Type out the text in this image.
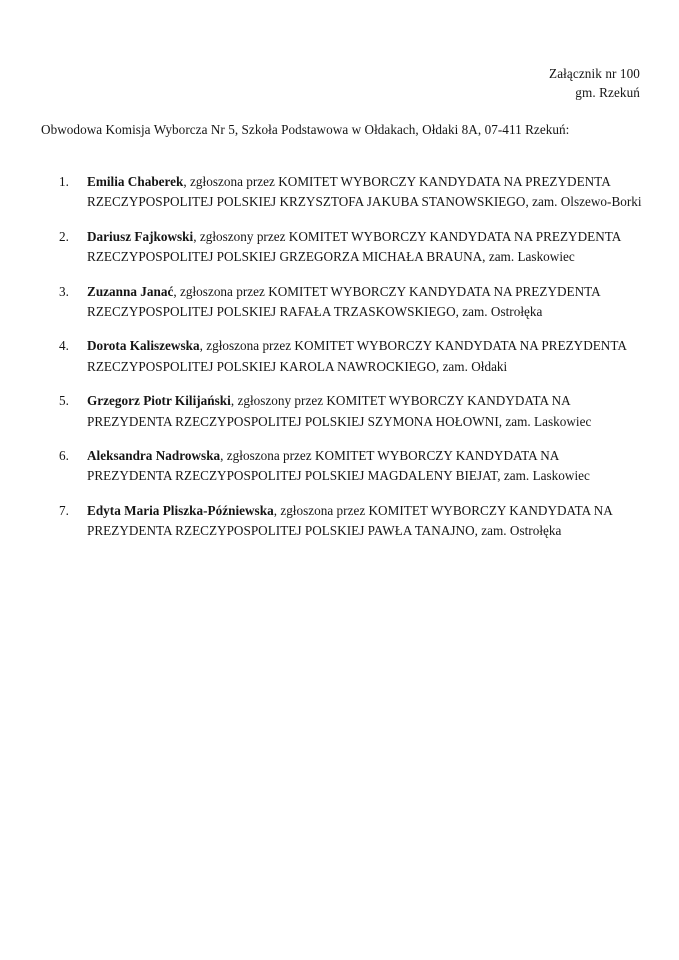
Załącznik nr 100
gm. Rzekuń
Obwodowa Komisja Wyborcza Nr 5, Szkoła Podstawowa w Ołdakach, Ołdaki 8A, 07-411 Rzekuń:
1.	Emilia Chaberek, zgłoszona przez KOMITET WYBORCZY KANDYDATA NA PREZYDENTA RZECZYPOSPOLITEJ POLSKIEJ KRZYSZTOFA JAKUBA STANOWSKIEGO, zam. Olszewo-Borki
2.	Dariusz Fajkowski, zgłoszony przez KOMITET WYBORCZY KANDYDATA NA PREZYDENTA RZECZYPOSPOLITEJ POLSKIEJ GRZEGORZA MICHAŁA BRAUNA, zam. Laskowiec
3.	Zuzanna Janać, zgłoszona przez KOMITET WYBORCZY KANDYDATA NA PREZYDENTA RZECZYPOSPOLITEJ POLSKIEJ RAFAŁA TRZASKOWSKIEGO, zam. Ostrołęka
4.	Dorota Kaliszewska, zgłoszona przez KOMITET WYBORCZY KANDYDATA NA PREZYDENTA RZECZYPOSPOLITEJ POLSKIEJ KAROLA NAWROCKIEGO, zam. Ołdaki
5.	Grzegorz Piotr Kilijański, zgłoszony przez KOMITET WYBORCZY KANDYDATA NA PREZYDENTA RZECZYPOSPOLITEJ POLSKIEJ SZYMONA HOŁOWNI, zam. Laskowiec
6.	Aleksandra Nadrowska, zgłoszona przez KOMITET WYBORCZY KANDYDATA NA PREZYDENTA RZECZYPOSPOLITEJ POLSKIEJ MAGDALENY BIEJAT, zam. Laskowiec
7.	Edyta Maria Pliszka-Późniewska, zgłoszona przez KOMITET WYBORCZY KANDYDATA NA PREZYDENTA RZECZYPOSPOLITEJ POLSKIEJ PAWŁA TANAJNO, zam. Ostrołęka
